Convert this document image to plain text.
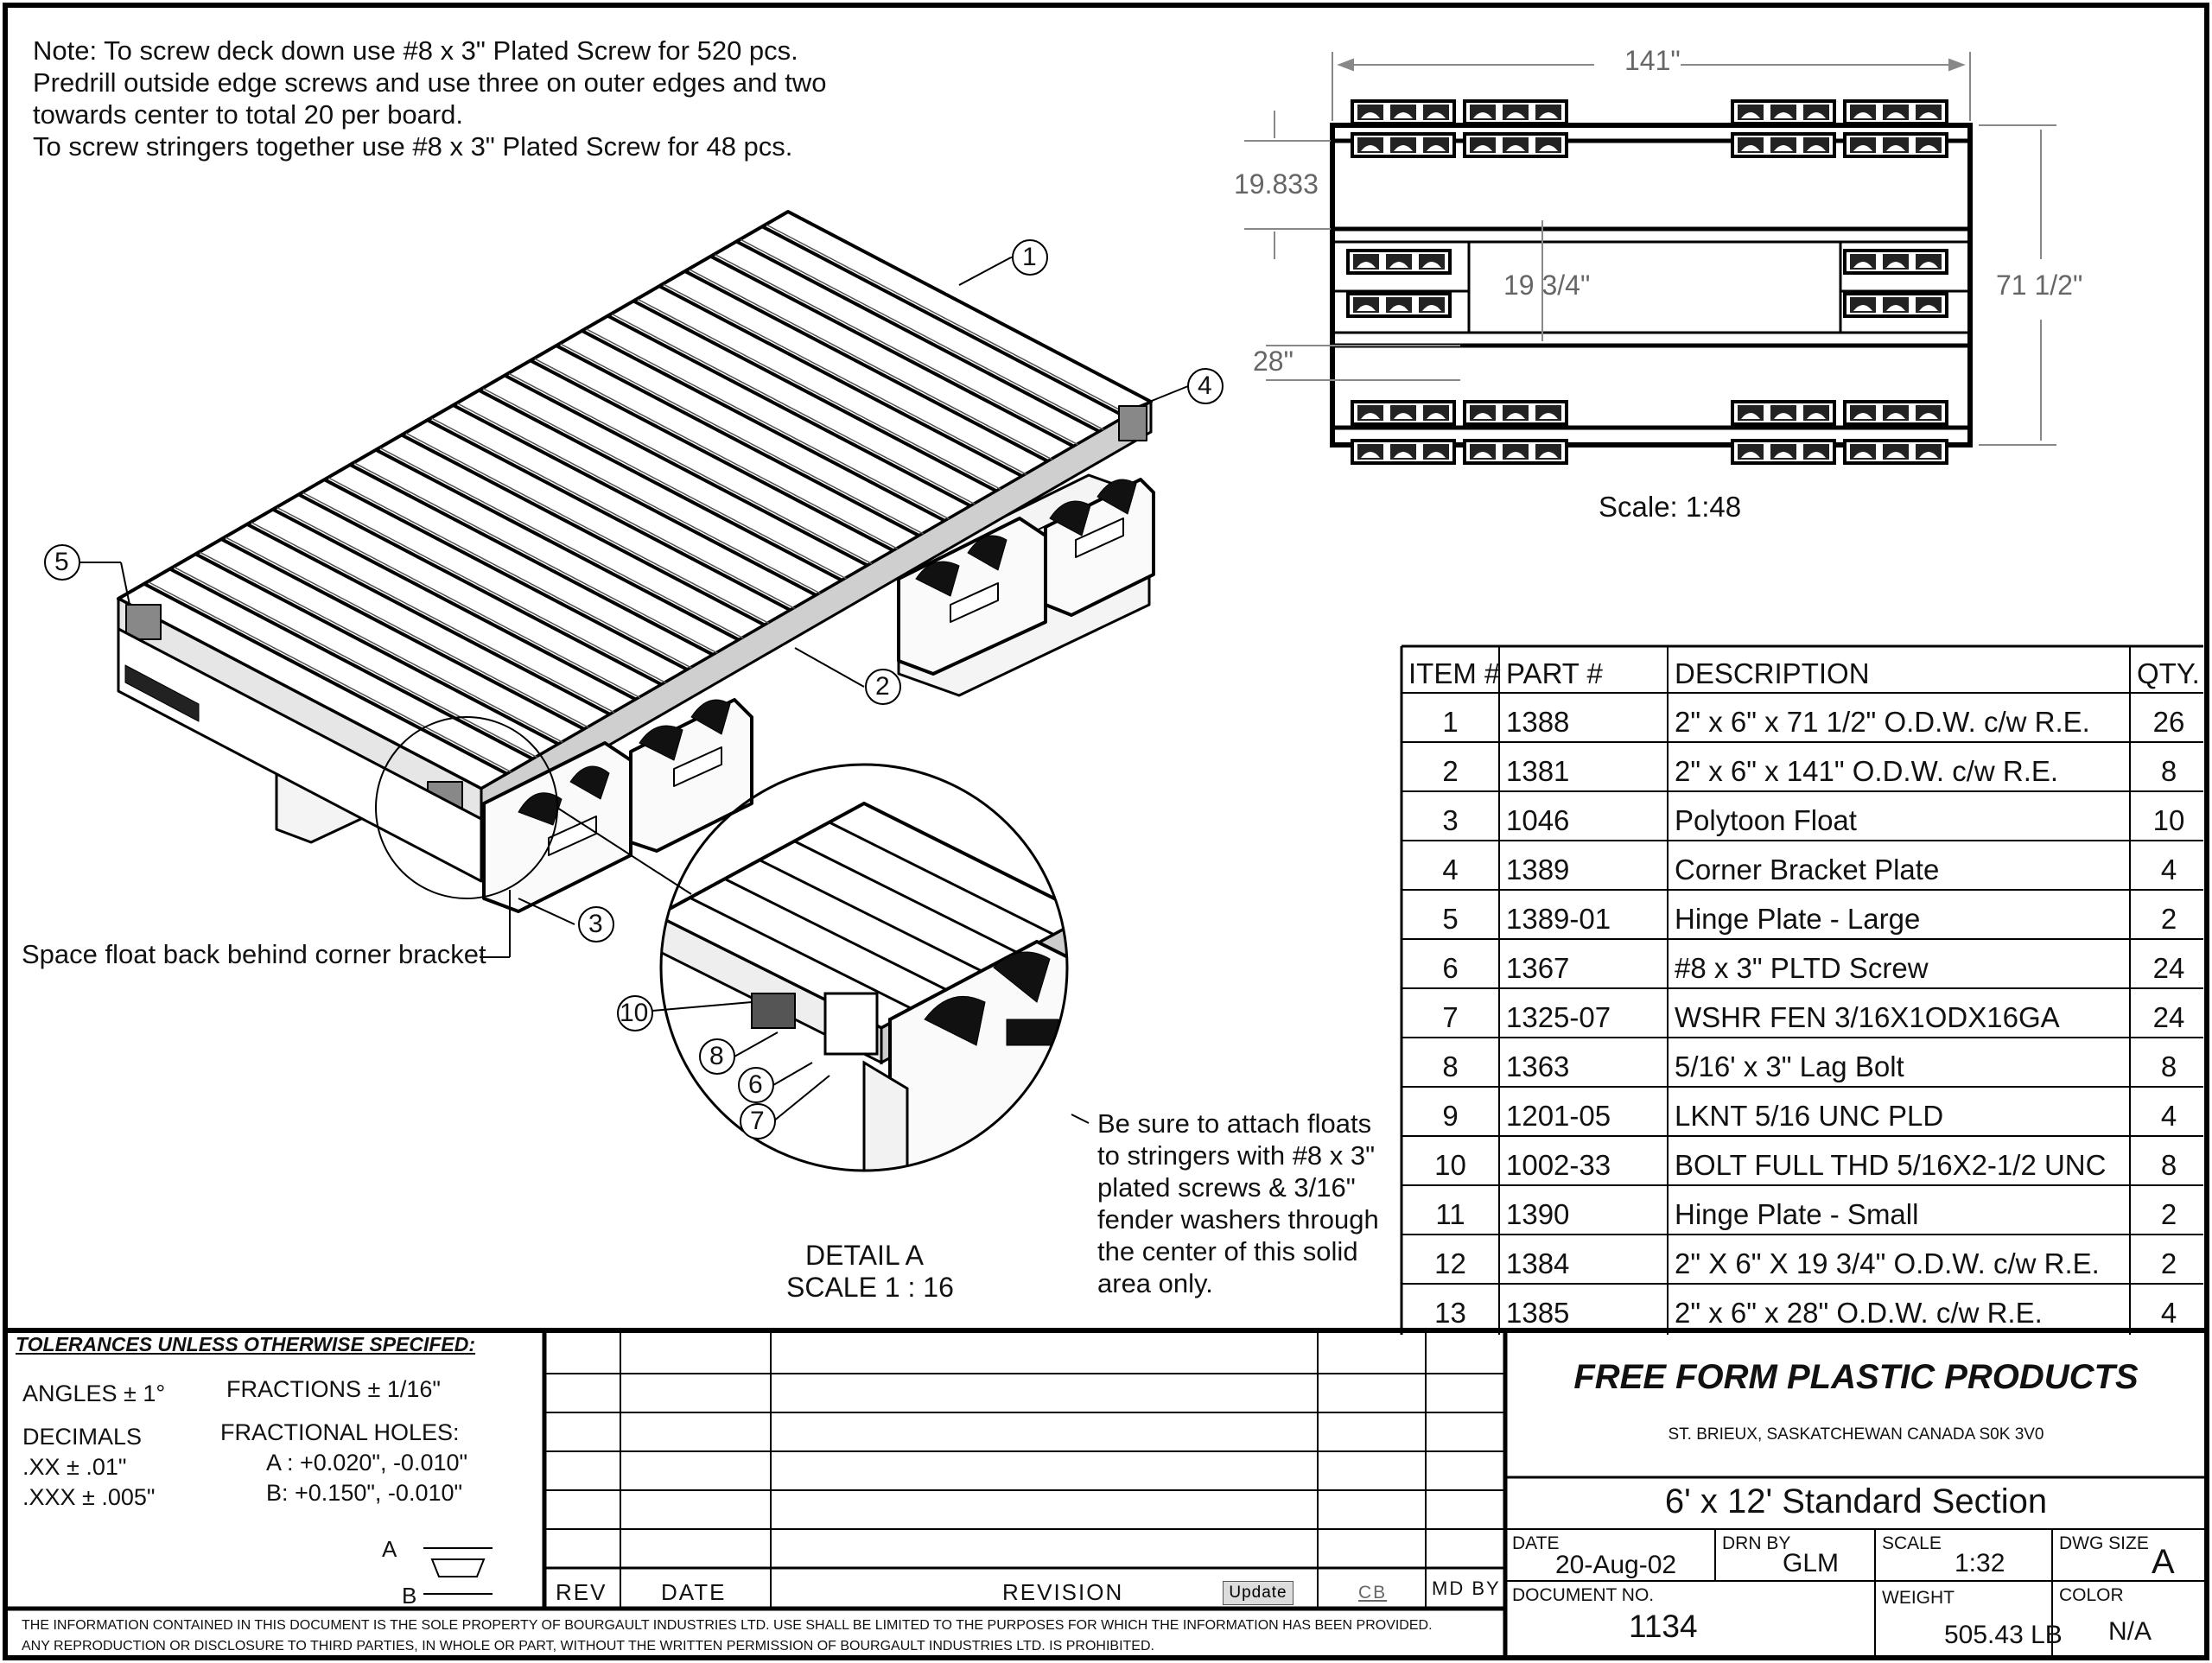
Note: To screw deck down use #8 x 3" Plated Screw for 520 pcs.
Predrill outside edge screws and use three on outer edges and two
towards center to total 20 per board.
To screw stringers together use #8 x 3" Plated Screw for 48 pcs.
141"
71 1/2"
19.833
19 3/4"
28"
Scale: 1:48
1
2
3
4
5
10
8
6
7
Space float back behind corner bracket
Be sure to attach floats
to stringers with #8 x 3"
plated screws & 3/16"
fender washers through
the center of this solid
area only.
DETAIL A
SCALE 1 : 16
ITEM # PART #	DESCRIPTION	QTY.
1	1388	2" x 6" x 71 1/2" O.D.W. c/w R.E.	26
2	1381	2" x 6" x 141" O.D.W. c/w R.E.	8
3	1046	Polytoon Float	10
4	1389	Corner Bracket Plate	4
5	1389-01	Hinge Plate - Large	2
6	1367	#8 x 3" PLTD Screw	24
7	1325-07	WSHR FEN 3/16X1ODX16GA	24
8	1363	5/16' x 3" Lag Bolt	8
9	1201-05	LKNT 5/16 UNC PLD	4
10	1002-33	BOLT FULL THD 5/16X2-1/2 UNC	8
11	1390	Hinge Plate - Small	2
12	1384	2" X 6" X 19 3/4" O.D.W. c/w R.E.	2
13	1385	2" x 6" x 28" O.D.W. c/w R.E.	4
TOLERANCES UNLESS OTHERWISE SPECIFED:
ANGLES ± 1°	FRACTIONS ± 1/16"
DECIMALS	FRACTIONAL HOLES:
.XX ± .01"
.XXX ± .005"
A : +0.020", -0.010"
B: +0.150", -0.010"
A
B	REV DATE	REVISION	Update	CB MD BY
THE INFORMATION CONTAINED IN THIS DOCUMENT IS THE SOLE PROPERTY OF BOURGAULT INDUSTRIES LTD. USE SHALL BE LIMITED TO THE PURPOSES FOR WHICH THE INFORMATION HAS BEEN PROVIDED.
ANY REPRODUCTION OR DISCLOSURE TO THIRD PARTIES, IN WHOLE OR PART, WITHOUT THE WRITTEN PERMISSION OF BOURGAULT INDUSTRIES LTD. IS PROHIBITED.
FREE FORM PLASTIC PRODUCTS
ST. BRIEUX, SASKATCHEWAN CANADA S0K 3V0
6' x 12' Standard Section
DATE
20-Aug-02
DRN BY
GLM
SCALE
1:32
DWG SIZE A
DOCUMENT NO.
1134
WEIGHT
505.43 LB
COLOR
N/A
